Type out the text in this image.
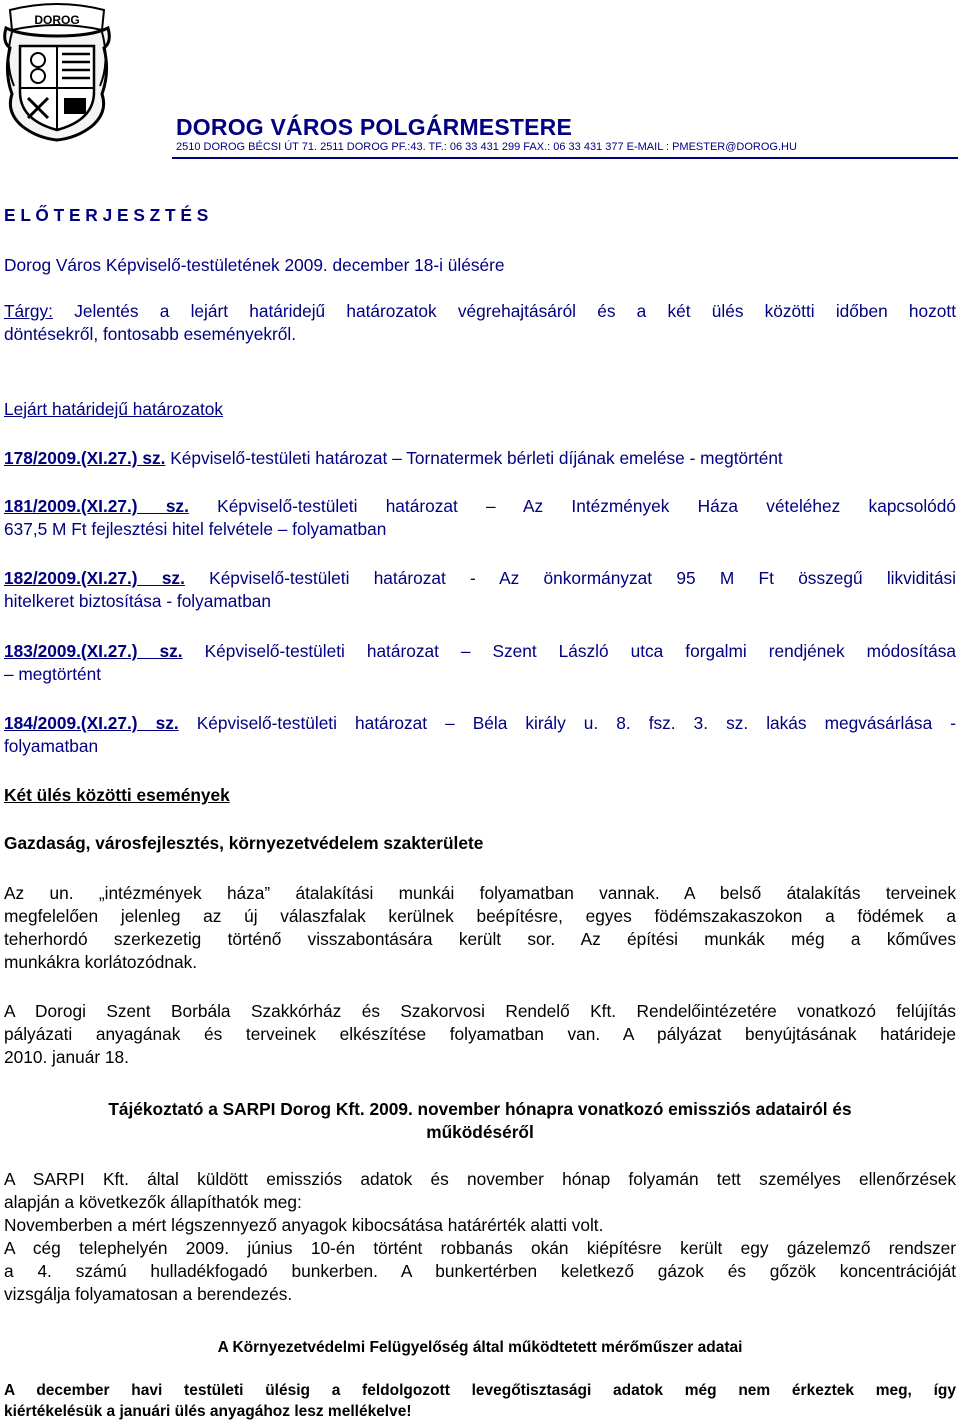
DOROG
DOROG VÁROS POLGÁRMESTERE
2510 DOROG BÉCSI ÚT 71. 2511 DOROG PF.:43. TF.: 06 33 431 299 FAX.: 06 33 431 377 E-MAIL : PMESTER@DOROG.HU

E L Ő T E R J E S Z T É S

Dorog Város Képviselő-testületének 2009. december 18-i ülésére

Tárgy: Jelentés a lejárt határidejű határozatok végrehajtásáról és a két ülés közötti időben hozott
döntésekről, fontosabb eseményekről.

Lejárt határidejű határozatok

178/2009.(XI.27.) sz. Képviselő-testületi határozat – Tornatermek bérleti díjának emelése - megtörtént

181/2009.(XI.27.) sz. Képviselő-testületi határozat – Az Intézmények Háza vételéhez kapcsolódó
637,5 M Ft fejlesztési hitel felvétele – folyamatban

182/2009.(XI.27.) sz. Képviselő-testületi határozat - Az önkormányzat 95 M Ft összegű likviditási
hitelkeret biztosítása - folyamatban

183/2009.(XI.27.) sz. Képviselő-testületi határozat – Szent László utca forgalmi rendjének módosítása
– megtörtént

184/2009.(XI.27.) sz. Képviselő-testületi határozat – Béla király u. 8. fsz. 3. sz. lakás megvásárlása -
folyamatban

Két ülés közötti események

Gazdaság, városfejlesztés, környezetvédelem szakterülete

Az un. „intézmények háza” átalakítási munkái folyamatban vannak. A belső átalakítás terveinek
megfelelően jelenleg az új válaszfalak kerülnek beépítésre, egyes födémszakaszokon a födémek a
teherhordó szerkezetig történő visszabontására került sor. Az építési munkák még a kőműves
munkákra korlátozódnak.

A Dorogi Szent Borbála Szakkórház és Szakorvosi Rendelő Kft. Rendelőintézetére vonatkozó felújítás
pályázati anyagának és terveinek elkészítése folyamatban van. A pályázat benyújtásának határideje
2010. január 18.

Tájékoztató a SARPI Dorog Kft. 2009. november hónapra vonatkozó emissziós adatairól és
működéséről

A SARPI Kft. által küldött emissziós adatok és november hónap folyamán tett személyes ellenőrzések
alapján a következők állapíthatók meg:
Novemberben a mért légszennyező anyagok kibocsátása határérték alatti volt.
A cég telephelyén 2009. június 10-én történt robbanás okán kiépítésre került egy gázelemző rendszer
a 4. számú hulladékfogadó bunkerben. A bunkertérben keletkező gázok és gőzök koncentrációját
vizsgálja folyamatosan a berendezés.

A Környezetvédelmi Felügyelőség által működtetett mérőműszer adatai

A december havi testületi ülésig a feldolgozott levegőtisztasági adatok még nem érkeztek meg, így
kiértékelésük a januári ülés anyagához lesz mellékelve!
